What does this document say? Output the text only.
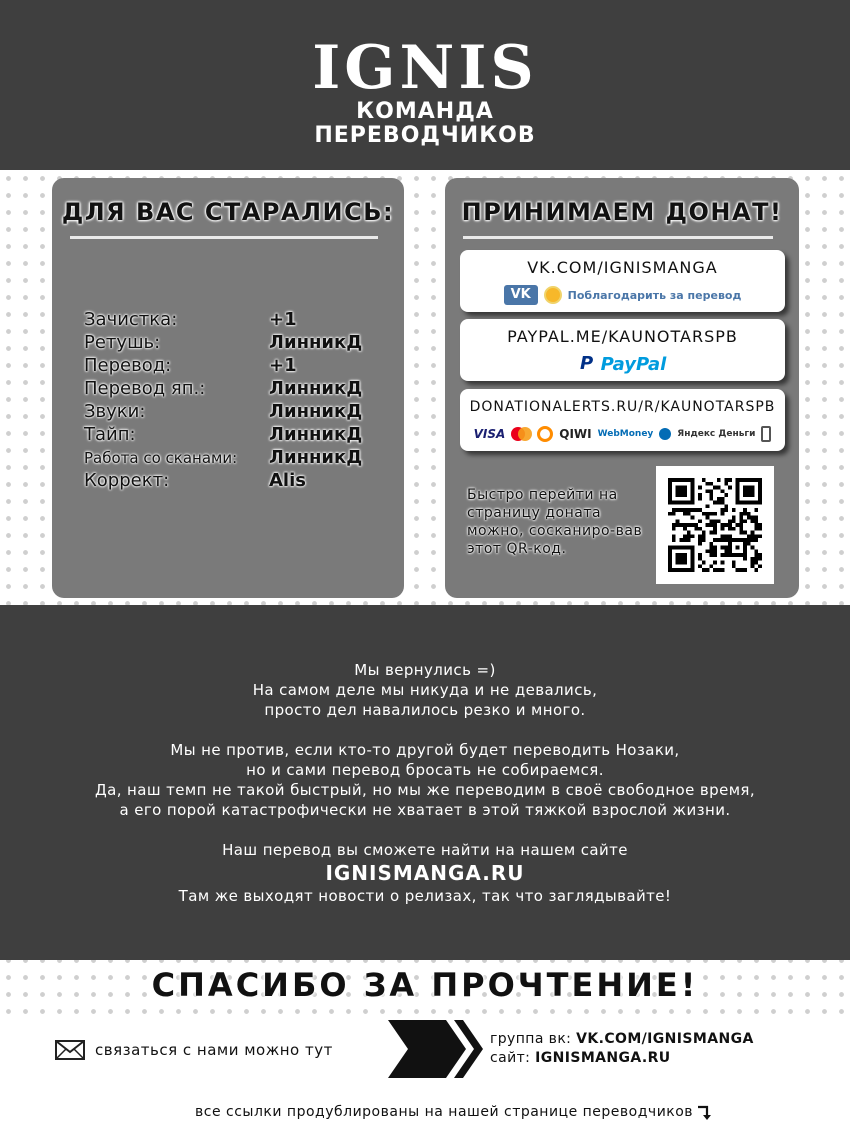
IGNIS
КОМАНДА
ПЕРЕВОДЧИКОВ
ДЛЯ ВАС СТАРАЛИСЬ:
Зачистка:	+1
Ретушь:	ЛинникД
Перевод:	+1
Перевод яп.:	ЛинникД
Звуки:	ЛинникД
Тайп:	ЛинникД
Работа со сканами:	ЛинникД
Коррект:	Alis
ПРИНИМАЕМ ДОНАТ!
VK.COM/IGNISMANGA
VK	Поблагодарить за перевод
PAYPAL.ME/KAUNOTARSPB
P PayPal
DONATIONALERTS.RU/R/KAUNOTARSPB
VISA	QIWI WebMoney	Яндекс Деньги
Быстро перейти на страницу доната можно, сосканиро-вав этот QR-код.
Мы вернулись =)
На самом деле мы никуда и не девались,
просто дел навалилось резко и много.
Мы не против, если кто-то другой будет переводить Нозаки,
но и сами перевод бросать не собираемся.
Да, наш темп не такой быстрый, но мы же переводим в своё свободное время,
а его порой катастрофически не хватает в этой тяжкой взрослой жизни.
Наш перевод вы сможете найти на нашем сайте
IGNISMANGA.RU
Там же выходят новости о релизах, так что заглядывайте!
СПАСИБО ЗА ПРОЧТЕНИЕ!
связаться с нами можно тут
группа вк: VK.COM/IGNISMANGA
сайт: IGNISMANGA.RU
все ссылки продублированы на нашей странице переводчиков
